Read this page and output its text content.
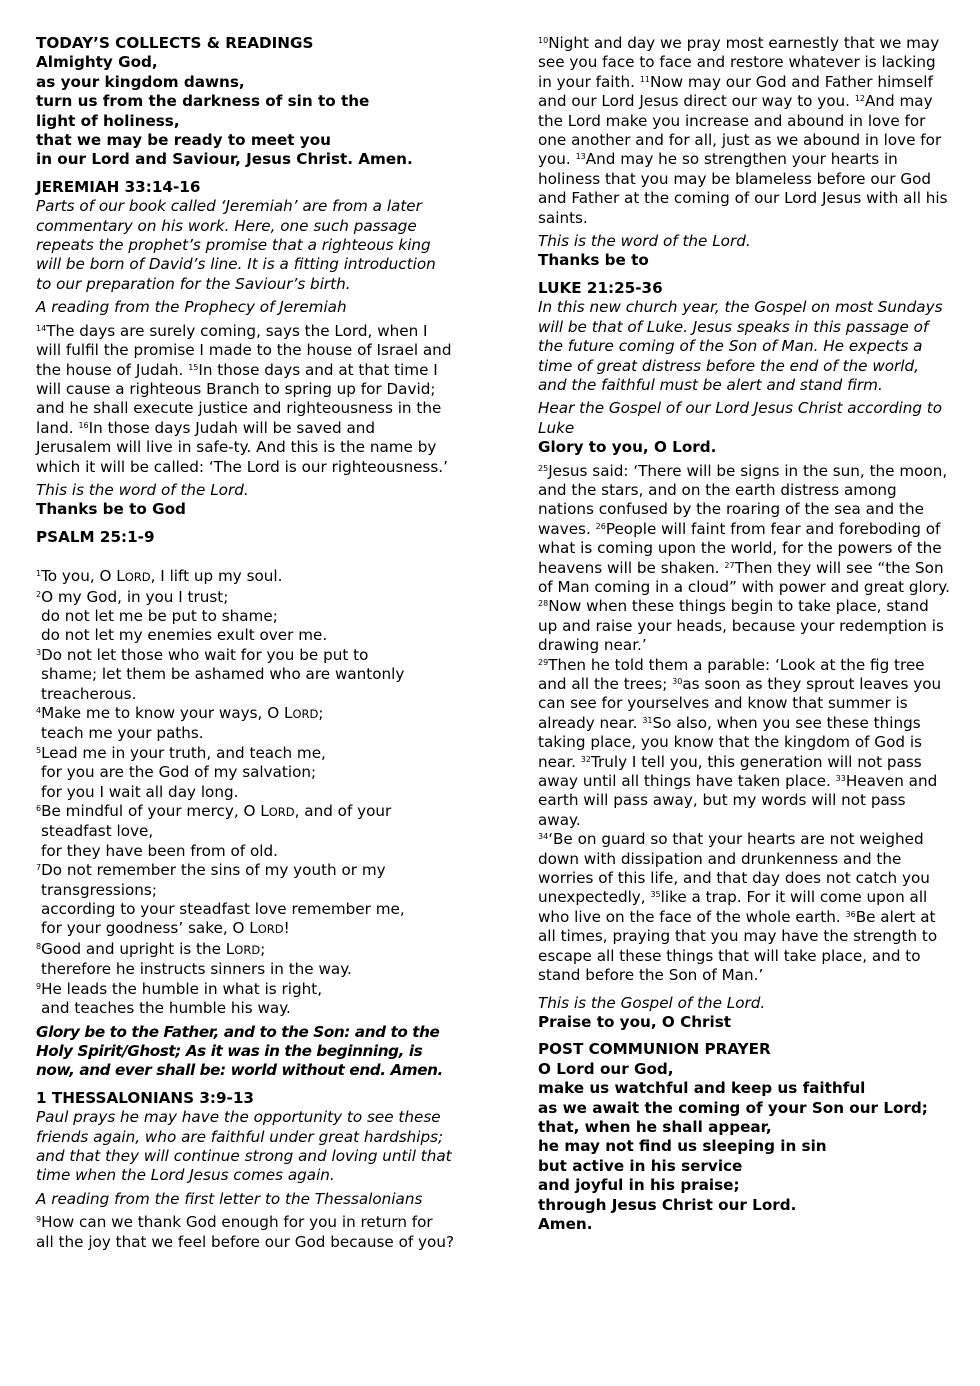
TODAY’S COLLECTS & READINGS

Almighty God,

as your kingdom dawns,

turn us from the darkness of sin to the

light of holiness,

that we may be ready to meet you

in our Lord and Saviour, Jesus Christ. Amen.

JEREMIAH 33:14-16

Parts of our book called ‘Jeremiah’ are from a later commentary on his work. Here, one such passage repeats the prophet’s promise that a righteous king will be born of David’s line. It is a fitting introduction to our preparation for the Saviour’s birth.

A reading from the Prophecy of Jeremiah

$^{14}$The days are surely coming, says the Lord, when I will fulfil the promise I made to the house of Israel and the house of Judah. $^{15}$In those days and at that time I will cause a righteous Branch to spring up for David; and he shall execute justice and righteousness in the land. $^{16}$In those days Judah will be saved and Jerusalem will live in safe-ty. And this is the name by which it will be called: ‘The Lord is our righteousness.’

This is the word of the Lord.

Thanks be to God

PSALM 25:1-9

$^1$To you, O LORD, I lift up my soul.

$^2$O my God, in you I trust;

do not let me be put to shame;

do not let my enemies exult over me.

$^3$Do not let those who wait for you be put to

shame; let them be ashamed who are wantonly

treacherous.

$^4$Make me to know your ways, O LORD;

teach me your paths.

$^5$Lead me in your truth, and teach me,

for you are the God of my salvation;

for you I wait all day long.

$^6$Be mindful of your mercy, O LORD, and of your

steadfast love,

for they have been from of old.

$^7$Do not remember the sins of my youth or my

transgressions;

according to your steadfast love remember me,

for your goodness’ sake, O LORD!

$^8$Good and upright is the LORD;

therefore he instructs sinners in the way.

$^9$He leads the humble in what is right,

and teaches the humble his way.

Glory be to the Father, and to the Son: and to the Holy Spirit/Ghost; As it was in the beginning, is now, and ever shall be: world without end. Amen.

1 THESSALONIANS 3:9-13

Paul prays he may have the opportunity to see these friends again, who are faithful under great hardships; and that they will continue strong and loving until that time when the Lord Jesus comes again.

A reading from the first letter to the Thessalonians

$^9$How can we thank God enough for you in return for all the joy that we feel before our God because of you?

$^{10}$Night and day we pray most earnestly that we may see you face to face and restore whatever is lacking in your faith. $^{11}$Now may our God and Father himself and our Lord Jesus direct our way to you. $^{12}$And may the Lord make you increase and abound in love for one another and for all, just as we abound in love for you. $^{13}$And may he so strengthen your hearts in holiness that you may be blameless before our God and Father at the coming of our Lord Jesus with all his saints.

This is the word of the Lord.

Thanks be to

LUKE 21:25-36

In this new church year, the Gospel on most Sundays will be that of Luke. Jesus speaks in this passage of the future coming of the Son of Man. He expects a time of great distress before the end of the world, and the faithful must be alert and stand firm.

Hear the Gospel of our Lord Jesus Christ according to Luke

Glory to you, O Lord.

$^{25}$Jesus said: ‘There will be signs in the sun, the moon, and the stars, and on the earth distress among nations confused by the roaring of the sea and the waves. $^{26}$People will faint from fear and foreboding of what is coming upon the world, for the powers of the heavens will be shaken. $^{27}$Then they will see “the Son of Man coming in a cloud” with power and great glory. $^{28}$Now when these things begin to take place, stand up and raise your heads, because your redemption is drawing near.’

$^{29}$Then he told them a parable: ‘Look at the fig tree and all the trees; $^{30}$as soon as they sprout leaves you can see for yourselves and know that summer is already near. $^{31}$So also, when you see these things taking place, you know that the kingdom of God is near. $^{32}$Truly I tell you, this generation will not pass away until all things have taken place. $^{33}$Heaven and earth will pass away, but my words will not pass away.

$^{34}$‘Be on guard so that your hearts are not weighed down with dissipation and drunkenness and the worries of this life, and that day does not catch you unexpectedly, $^{35}$like a trap. For it will come upon all who live on the face of the whole earth. $^{36}$Be alert at all times, praying that you may have the strength to escape all these things that will take place, and to stand before the Son of Man.’

This is the Gospel of the Lord.

Praise to you, O Christ

POST COMMUNION PRAYER

O Lord our God,

make us watchful and keep us faithful

as we await the coming of your Son our Lord;

that, when he shall appear,

he may not find us sleeping in sin

but active in his service

and joyful in his praise;

through Jesus Christ our Lord.

Amen.
